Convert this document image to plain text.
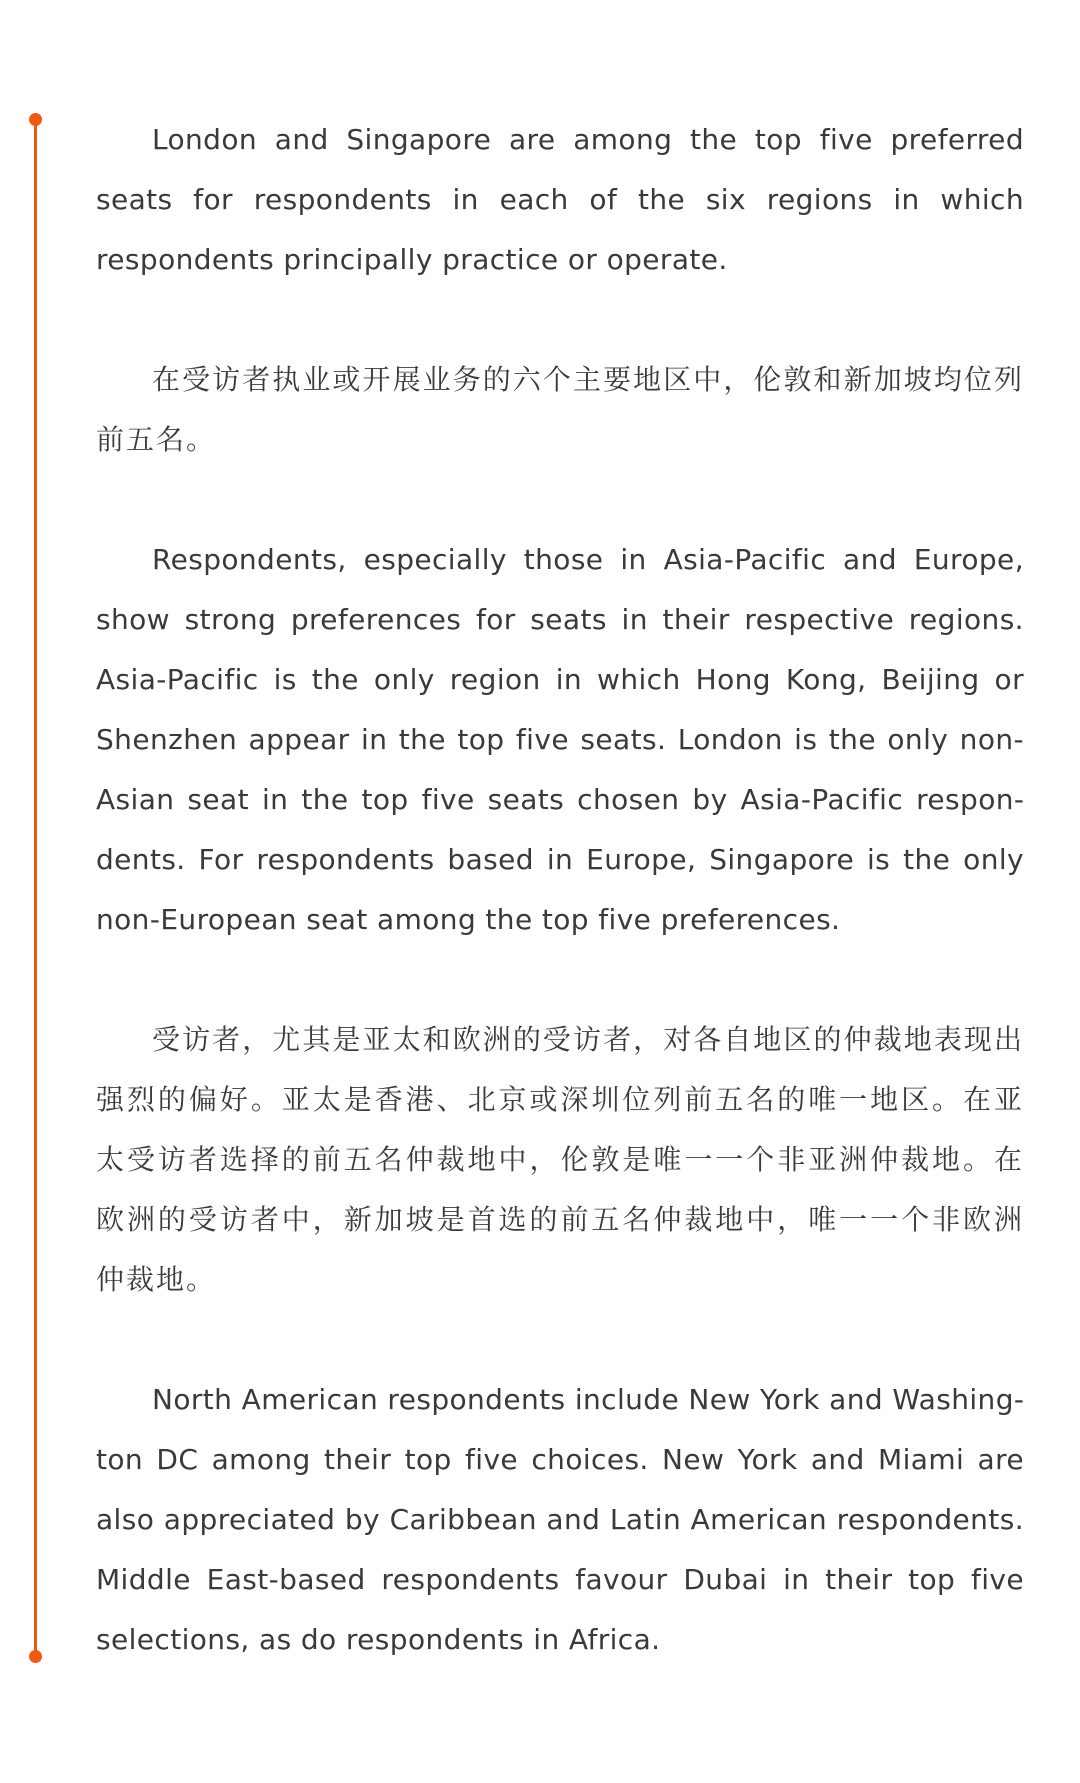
London and Singapore are among the top five preferred seats for respondents in each of the six regions in which respondents principally practice or operate.

在受访者执业或开展业务的六个主要地区中，伦敦和新加坡均位列前五名。

Respondents, especially those in Asia-Pacific and Europe, show strong preferences for seats in their respective regions. Asia-Pacific is the only region in which Hong Kong, Beijing or Shenzhen appear in the top five seats. London is the only non-Asian seat in the top five seats chosen by Asia-Pacific respondents. For respondents based in Europe, Singapore is the only non-European seat among the top five preferences.

受访者，尤其是亚太和欧洲的受访者，对各自地区的仲裁地表现出强烈的偏好。亚太是香港、北京或深圳位列前五名的唯一地区。在亚太受访者选择的前五名仲裁地中，伦敦是唯一一个非亚洲仲裁地。在欧洲的受访者中，新加坡是首选的前五名仲裁地中，唯一一个非欧洲仲裁地。

North American respondents include New York and Washington DC among their top five choices. New York and Miami are also appreciated by Caribbean and Latin American respondents. Middle East-based respondents favour Dubai in their top five selections, as do respondents in Africa.
